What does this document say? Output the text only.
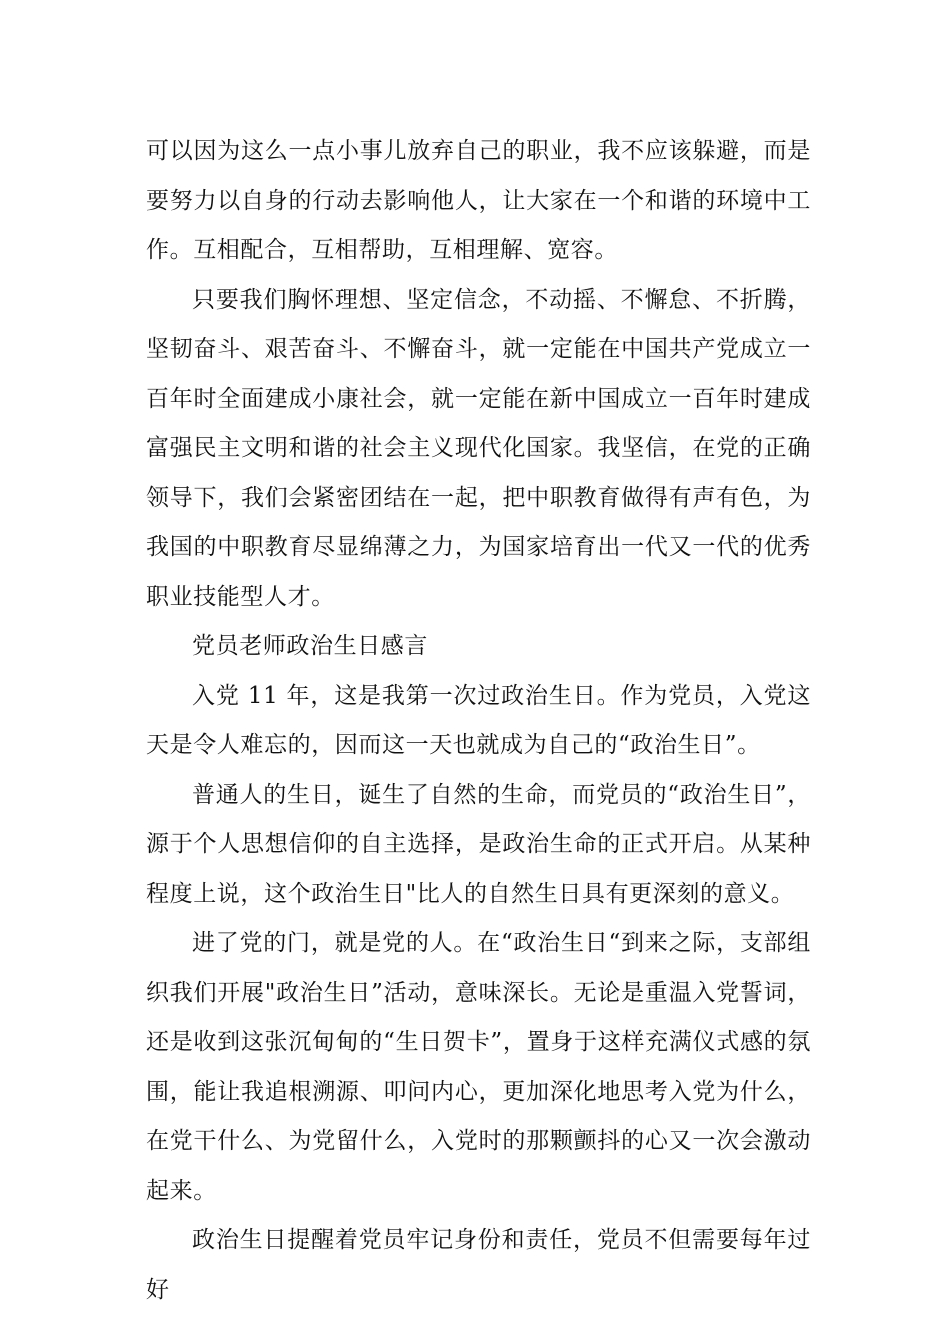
可以因为这么一点小事儿放弃自己的职业，我不应该躲避，而是要努力以自身的行动去影响他人，让大家在一个和谐的环境中工作。互相配合，互相帮助，互相理解、宽容。

只要我们胸怀理想、坚定信念，不动摇、不懈怠、不折腾，坚韧奋斗、艰苦奋斗、不懈奋斗，就一定能在中国共产党成立一百年时全面建成小康社会，就一定能在新中国成立一百年时建成富强民主文明和谐的社会主义现代化国家。我坚信，在党的正确领导下，我们会紧密团结在一起，把中职教育做得有声有色，为我国的中职教育尽显绵薄之力，为国家培育出一代又一代的优秀职业技能型人才。

党员老师政治生日感言

入党 11 年，这是我第一次过政治生日。作为党员，入党这天是令人难忘的，因而这一天也就成为自己的“政治生日”。

普通人的生日，诞生了自然的生命，而党员的“政治生日”，源于个人思想信仰的自主选择，是政治生命的正式开启。从某种程度上说，这个政治生日"比人的自然生日具有更深刻的意义。

进了党的门，就是党的人。在“政治生日“到来之际，支部组织我们开展"政治生日”活动，意味深长。无论是重温入党誓词，还是收到这张沉甸甸的“生日贺卡”，置身于这样充满仪式感的氛围，能让我追根溯源、叩问内心，更加深化地思考入党为什么，在党干什么、为党留什么，入党时的那颗颤抖的心又一次会激动起来。

政治生日提醒着党员牢记身份和责任，党员不但需要每年过好
